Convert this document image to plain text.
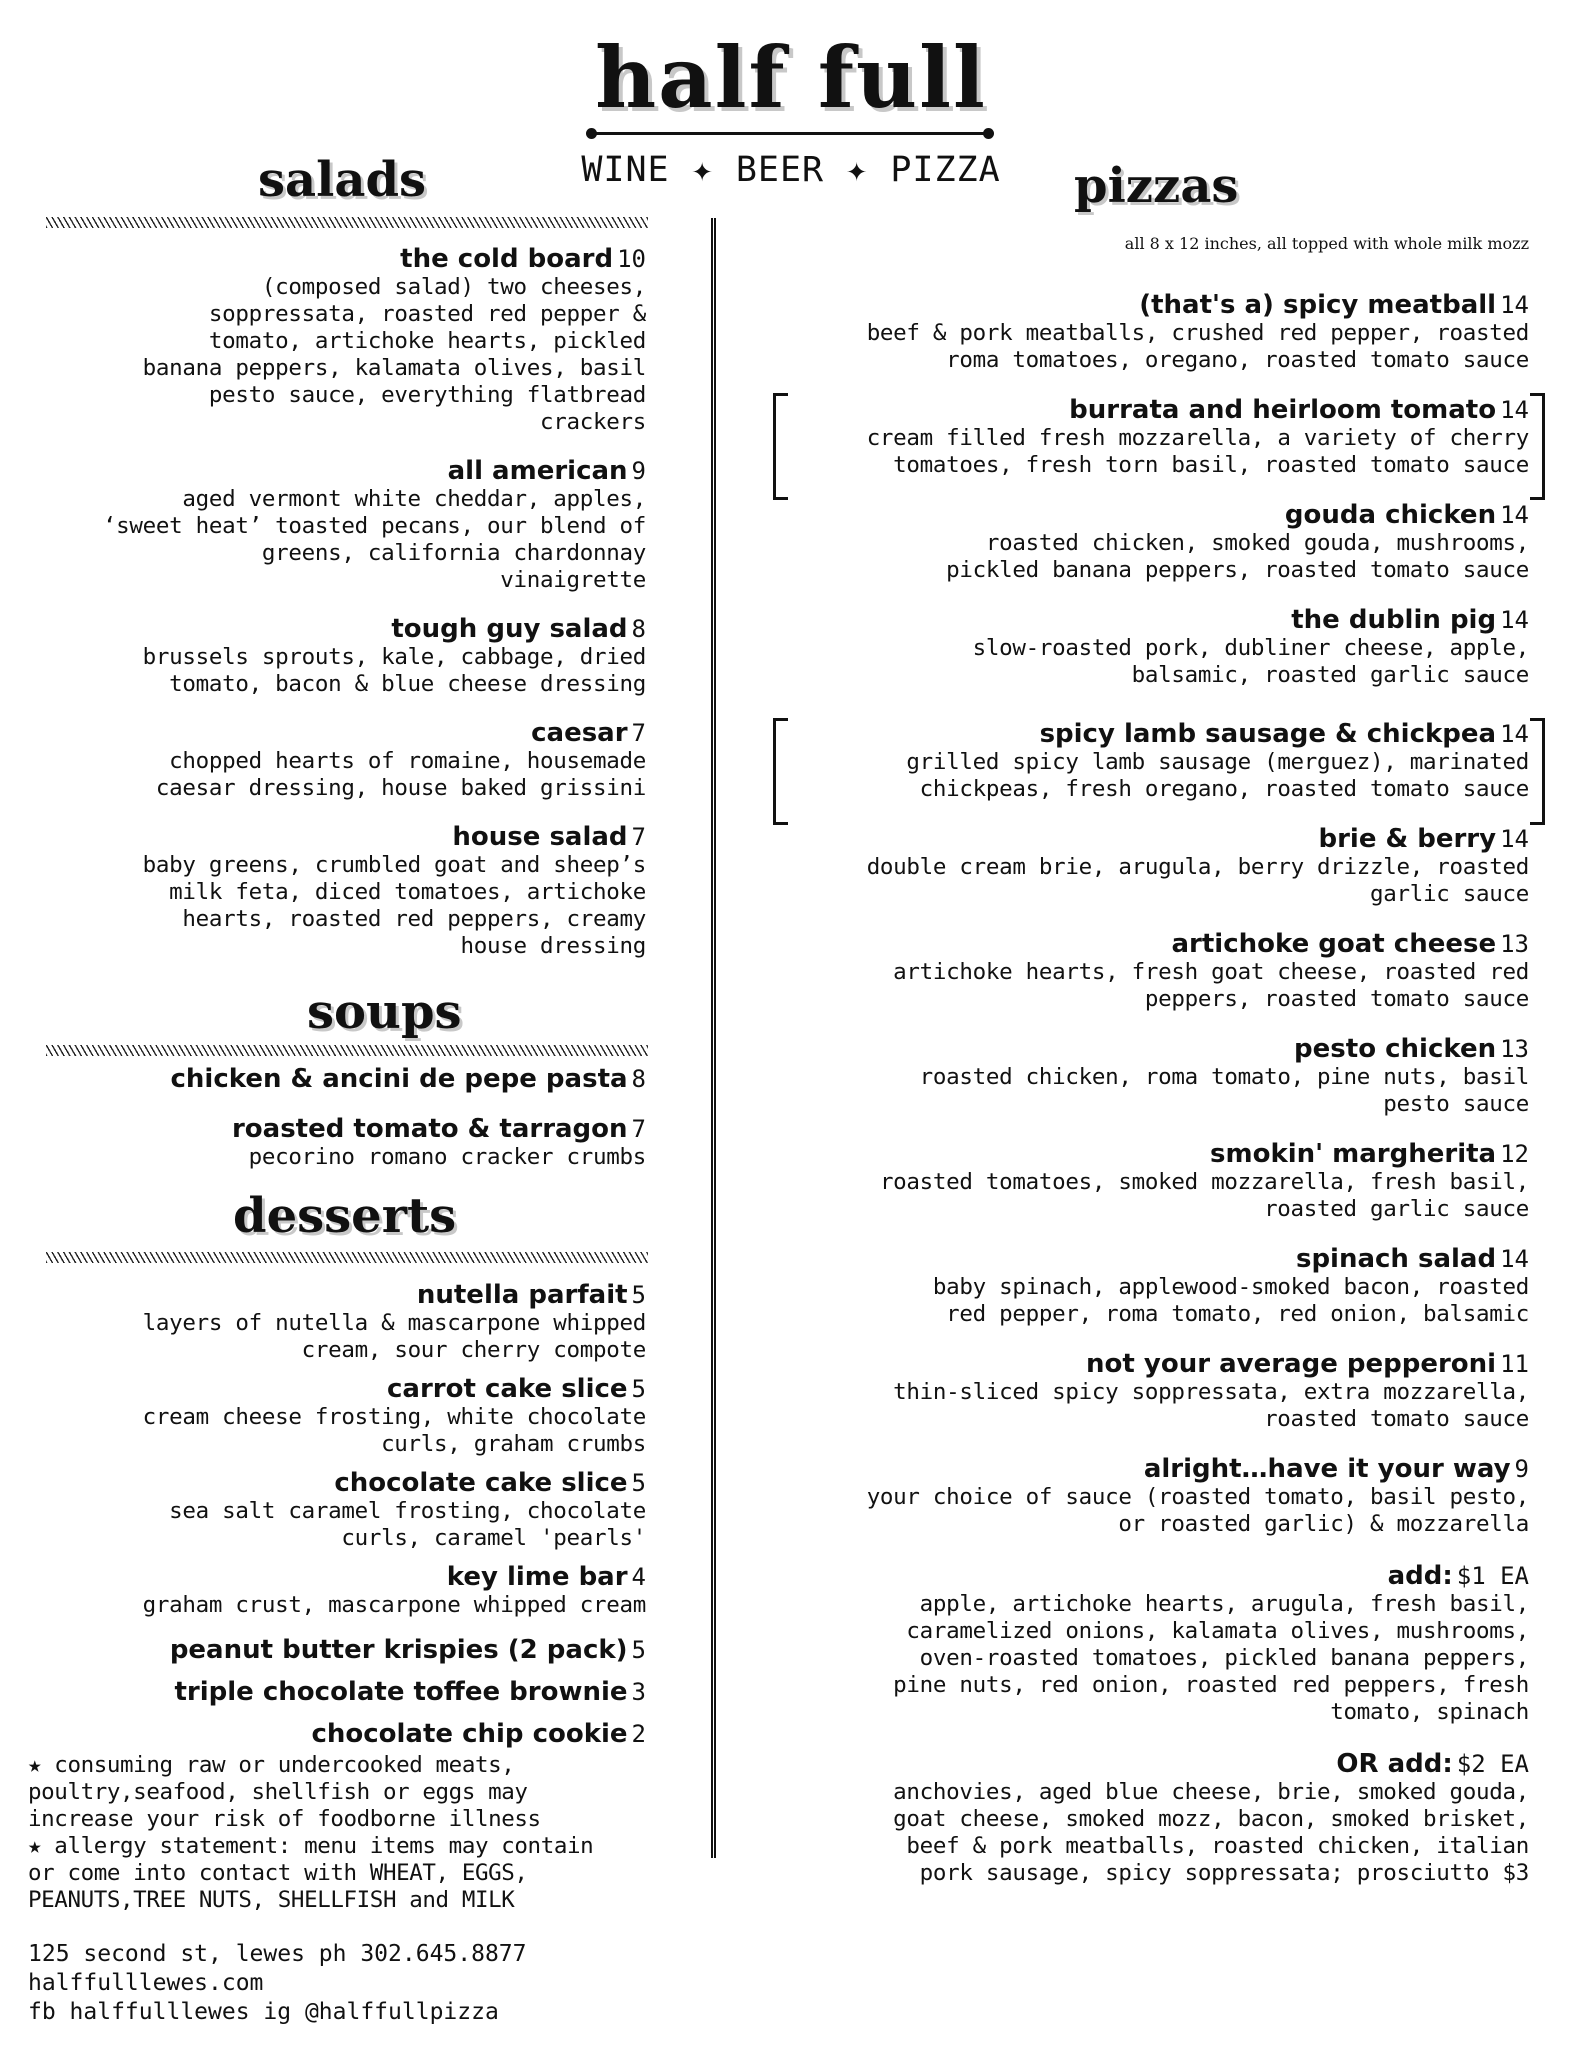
half full
WINE ✦ BEER ✦ PIZZA
salads	pizzas
the cold board 10
(composed salad) two cheeses,
soppressata, roasted red pepper &
tomato, artichoke hearts, pickled
banana peppers, kalamata olives, basil
pesto sauce, everything flatbread
crackers
all american 9
aged vermont white cheddar, apples,
‘sweet heat’ toasted pecans, our blend of
greens, california chardonnay
vinaigrette
tough guy salad 8
brussels sprouts, kale, cabbage, dried
tomato, bacon & blue cheese dressing
caesar 7
chopped hearts of romaine, housemade
caesar dressing, house baked grissini
house salad 7
baby greens, crumbled goat and sheep’s
milk feta, diced tomatoes, artichoke
hearts, roasted red peppers, creamy
house dressing
soups
chicken & ancini de pepe pasta 8
roasted tomato & tarragon 7
pecorino romano cracker crumbs
desserts
nutella parfait 5
layers of nutella & mascarpone whipped
cream, sour cherry compote
carrot cake slice 5
cream cheese frosting, white chocolate
curls, graham crumbs
chocolate cake slice 5
sea salt caramel frosting, chocolate
curls, caramel 'pearls'
key lime bar 4
graham crust, mascarpone whipped cream
peanut butter krispies (2 pack) 5
triple chocolate toffee brownie 3
chocolate chip cookie 2
★ consuming raw or undercooked meats,
poultry,seafood, shellfish or eggs may
increase your risk of foodborne illness
★ allergy statement: menu items may contain
or come into contact with WHEAT, EGGS,
PEANUTS,TREE NUTS, SHELLFISH and MILK
125 second st, lewes ph 302.645.8877
halffulllewes.com
fb halffulllewes ig @halffullpizza
all 8 x 12 inches, all topped with whole milk mozz
(that's a) spicy meatball 14
beef & pork meatballs, crushed red pepper, roasted
roma tomatoes, oregano, roasted tomato sauce
burrata and heirloom tomato 14
cream filled fresh mozzarella, a variety of cherry
tomatoes, fresh torn basil, roasted tomato sauce
gouda chicken 14
roasted chicken, smoked gouda, mushrooms,
pickled banana peppers, roasted tomato sauce
the dublin pig 14
slow-roasted pork, dubliner cheese, apple,
balsamic, roasted garlic sauce
spicy lamb sausage & chickpea 14
grilled spicy lamb sausage (merguez), marinated
chickpeas, fresh oregano, roasted tomato sauce
brie & berry 14
double cream brie, arugula, berry drizzle, roasted
garlic sauce
artichoke goat cheese 13
artichoke hearts, fresh goat cheese, roasted red
peppers, roasted tomato sauce
pesto chicken 13
roasted chicken, roma tomato, pine nuts, basil
pesto sauce
smokin' margherita 12
roasted tomatoes, smoked mozzarella, fresh basil,
roasted garlic sauce
spinach salad 14
baby spinach, applewood-smoked bacon, roasted
red pepper, roma tomato, red onion, balsamic
not your average pepperoni 11
thin-sliced spicy soppressata, extra mozzarella,
roasted tomato sauce
alright…have it your way 9
your choice of sauce (roasted tomato, basil pesto,
or roasted garlic) & mozzarella
add: $1 EA
apple, artichoke hearts, arugula, fresh basil,
caramelized onions, kalamata olives, mushrooms,
oven-roasted tomatoes, pickled banana peppers,
pine nuts, red onion, roasted red peppers, fresh
tomato, spinach
OR add: $2 EA
anchovies, aged blue cheese, brie, smoked gouda,
goat cheese, smoked mozz, bacon, smoked brisket,
beef & pork meatballs, roasted chicken, italian
pork sausage, spicy soppressata; prosciutto $3
